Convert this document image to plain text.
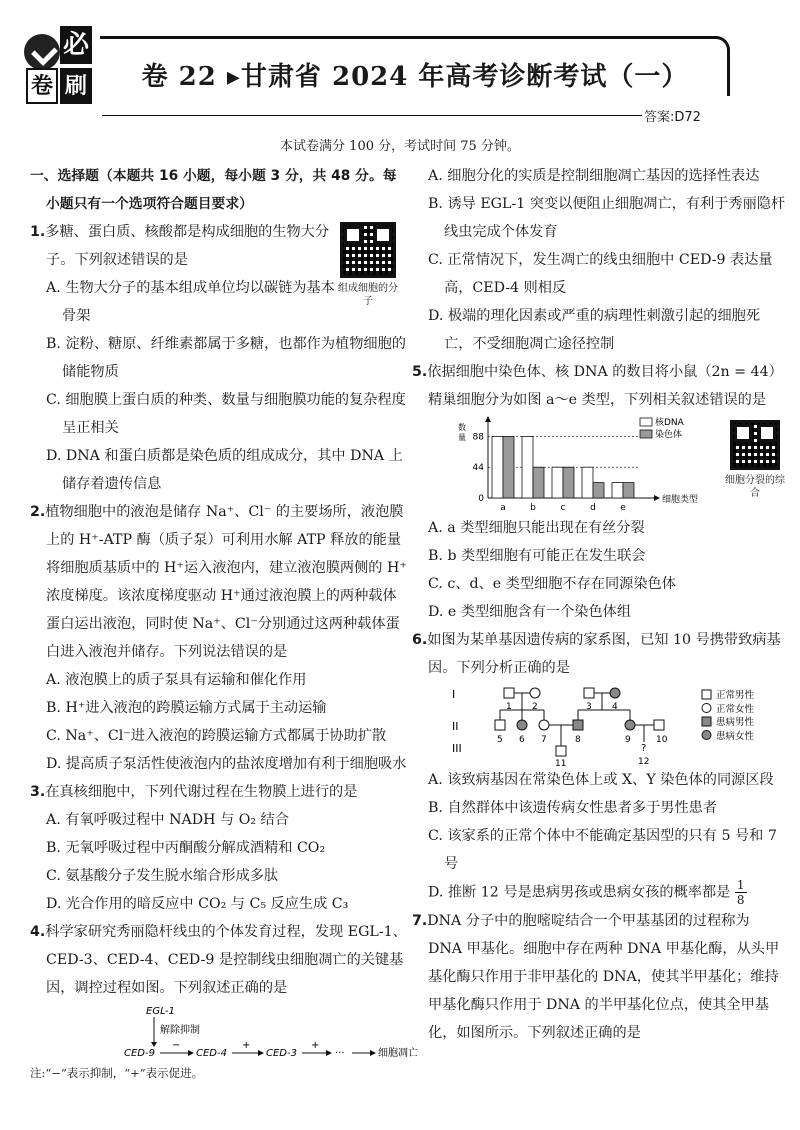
必
卷 刷	卷 22 ▸甘肃省 2024 年高考诊断考试（一）
答案:D72
本试卷满分 100 分，考试时间 75 分钟。
一、选择题（本题共 16 小题，每小题 3 分，共 48 分。每小题只有一个选项符合题目要求）
1.多糖、蛋白质、核酸都是构成细胞的生物大分子。下列叙述错误的是
A. 生物大分子的基本组成单位均以碳链为基本骨架
B. 淀粉、糖原、纤维素都属于多糖，也都作为植物细胞的储能物质
C. 细胞膜上蛋白质的种类、数量与细胞膜功能的复杂程度呈正相关
D. DNA 和蛋白质都是染色质的组成成分，其中 DNA 上储存着遗传信息
组成细胞的分子
2.植物细胞中的液泡是储存 Na⁺、Cl⁻ 的主要场所，液泡膜上的 H⁺-ATP 酶（质子泵）可利用水解 ATP 释放的能量将细胞质基质中的 H⁺运入液泡内，建立液泡膜两侧的 H⁺浓度梯度。该浓度梯度驱动 H⁺通过液泡膜上的两种载体蛋白运出液泡，同时使 Na⁺、Cl⁻分别通过这两种载体蛋白进入液泡并储存。下列说法错误的是
A. 液泡膜上的质子泵具有运输和催化作用
B. H⁺进入液泡的跨膜运输方式属于主动运输
C. Na⁺、Cl⁻进入液泡的跨膜运输方式都属于协助扩散
D. 提高质子泵活性使液泡内的盐浓度增加有利于细胞吸水
3.在真核细胞中，下列代谢过程在生物膜上进行的是
A. 有氧呼吸过程中 NADH 与 O₂ 结合
B. 无氧呼吸过程中丙酮酸分解成酒精和 CO₂
C. 氨基酸分子发生脱水缩合形成多肽
D. 光合作用的暗反应中 CO₂ 与 C₅ 反应生成 C₃
4.科学家研究秀丽隐杆线虫的个体发育过程，发现 EGL-1、CED-3、CED-4、CED-9 是控制线虫细胞凋亡的关键基因，调控过程如图。下列叙述正确的是
EGL-1
解除抑制
CED-9
−
CED-4
+
CED-3
+
···	细胞凋亡
注:“−”表示抑制，“+”表示促进。
A. 细胞分化的实质是控制细胞凋亡基因的选择性表达
B. 诱导 EGL-1 突变以便阻止细胞凋亡，有利于秀丽隐杆线虫完成个体发育
C. 正常情况下，发生凋亡的线虫细胞中 CED-9 表达量高，CED-4 则相反
D. 极端的理化因素或严重的病理性刺激引起的细胞死亡，不受细胞凋亡途径控制
5.依据细胞中染色体、核 DNA 的数目将小鼠（2n = 44）精巢细胞分为如图 a～e 类型，下列相关叙述错误的是
数
量
细胞类型
0
44
88
a	b	c	d	e
核DNA
染色体
细胞分裂的综合
A. a 类型细胞只能出现在有丝分裂
B. b 类型细胞有可能正在发生联会
C. c、d、e 类型细胞不存在同源染色体
D. e 类型细胞含有一个染色体组
6.如图为某单基因遗传病的家系图，已知 10 号携带致病基因。下列分析正确的是
I
II
III
1 2	3 4
5 6 7	8
11
9	10
?
12
正常男性
正常女性
患病男性
患病女性
A. 该致病基因在常染色体上或 X、Y 染色体的同源区段
B. 自然群体中该遗传病女性患者多于男性患者
C. 该家系的正常个体中不能确定基因型的只有 5 号和 7 号
D. 推断 12 号是患病男孩或患病女孩的概率都是 $\frac{1}{8}$
7.DNA 分子中的胞嘧啶结合一个甲基基团的过程称为 DNA 甲基化。细胞中存在两种 DNA 甲基化酶，从头甲基化酶只作用于非甲基化的 DNA，使其半甲基化；维持甲基化酶只作用于 DNA 的半甲基化位点，使其全甲基化，如图所示。下列叙述正确的是
